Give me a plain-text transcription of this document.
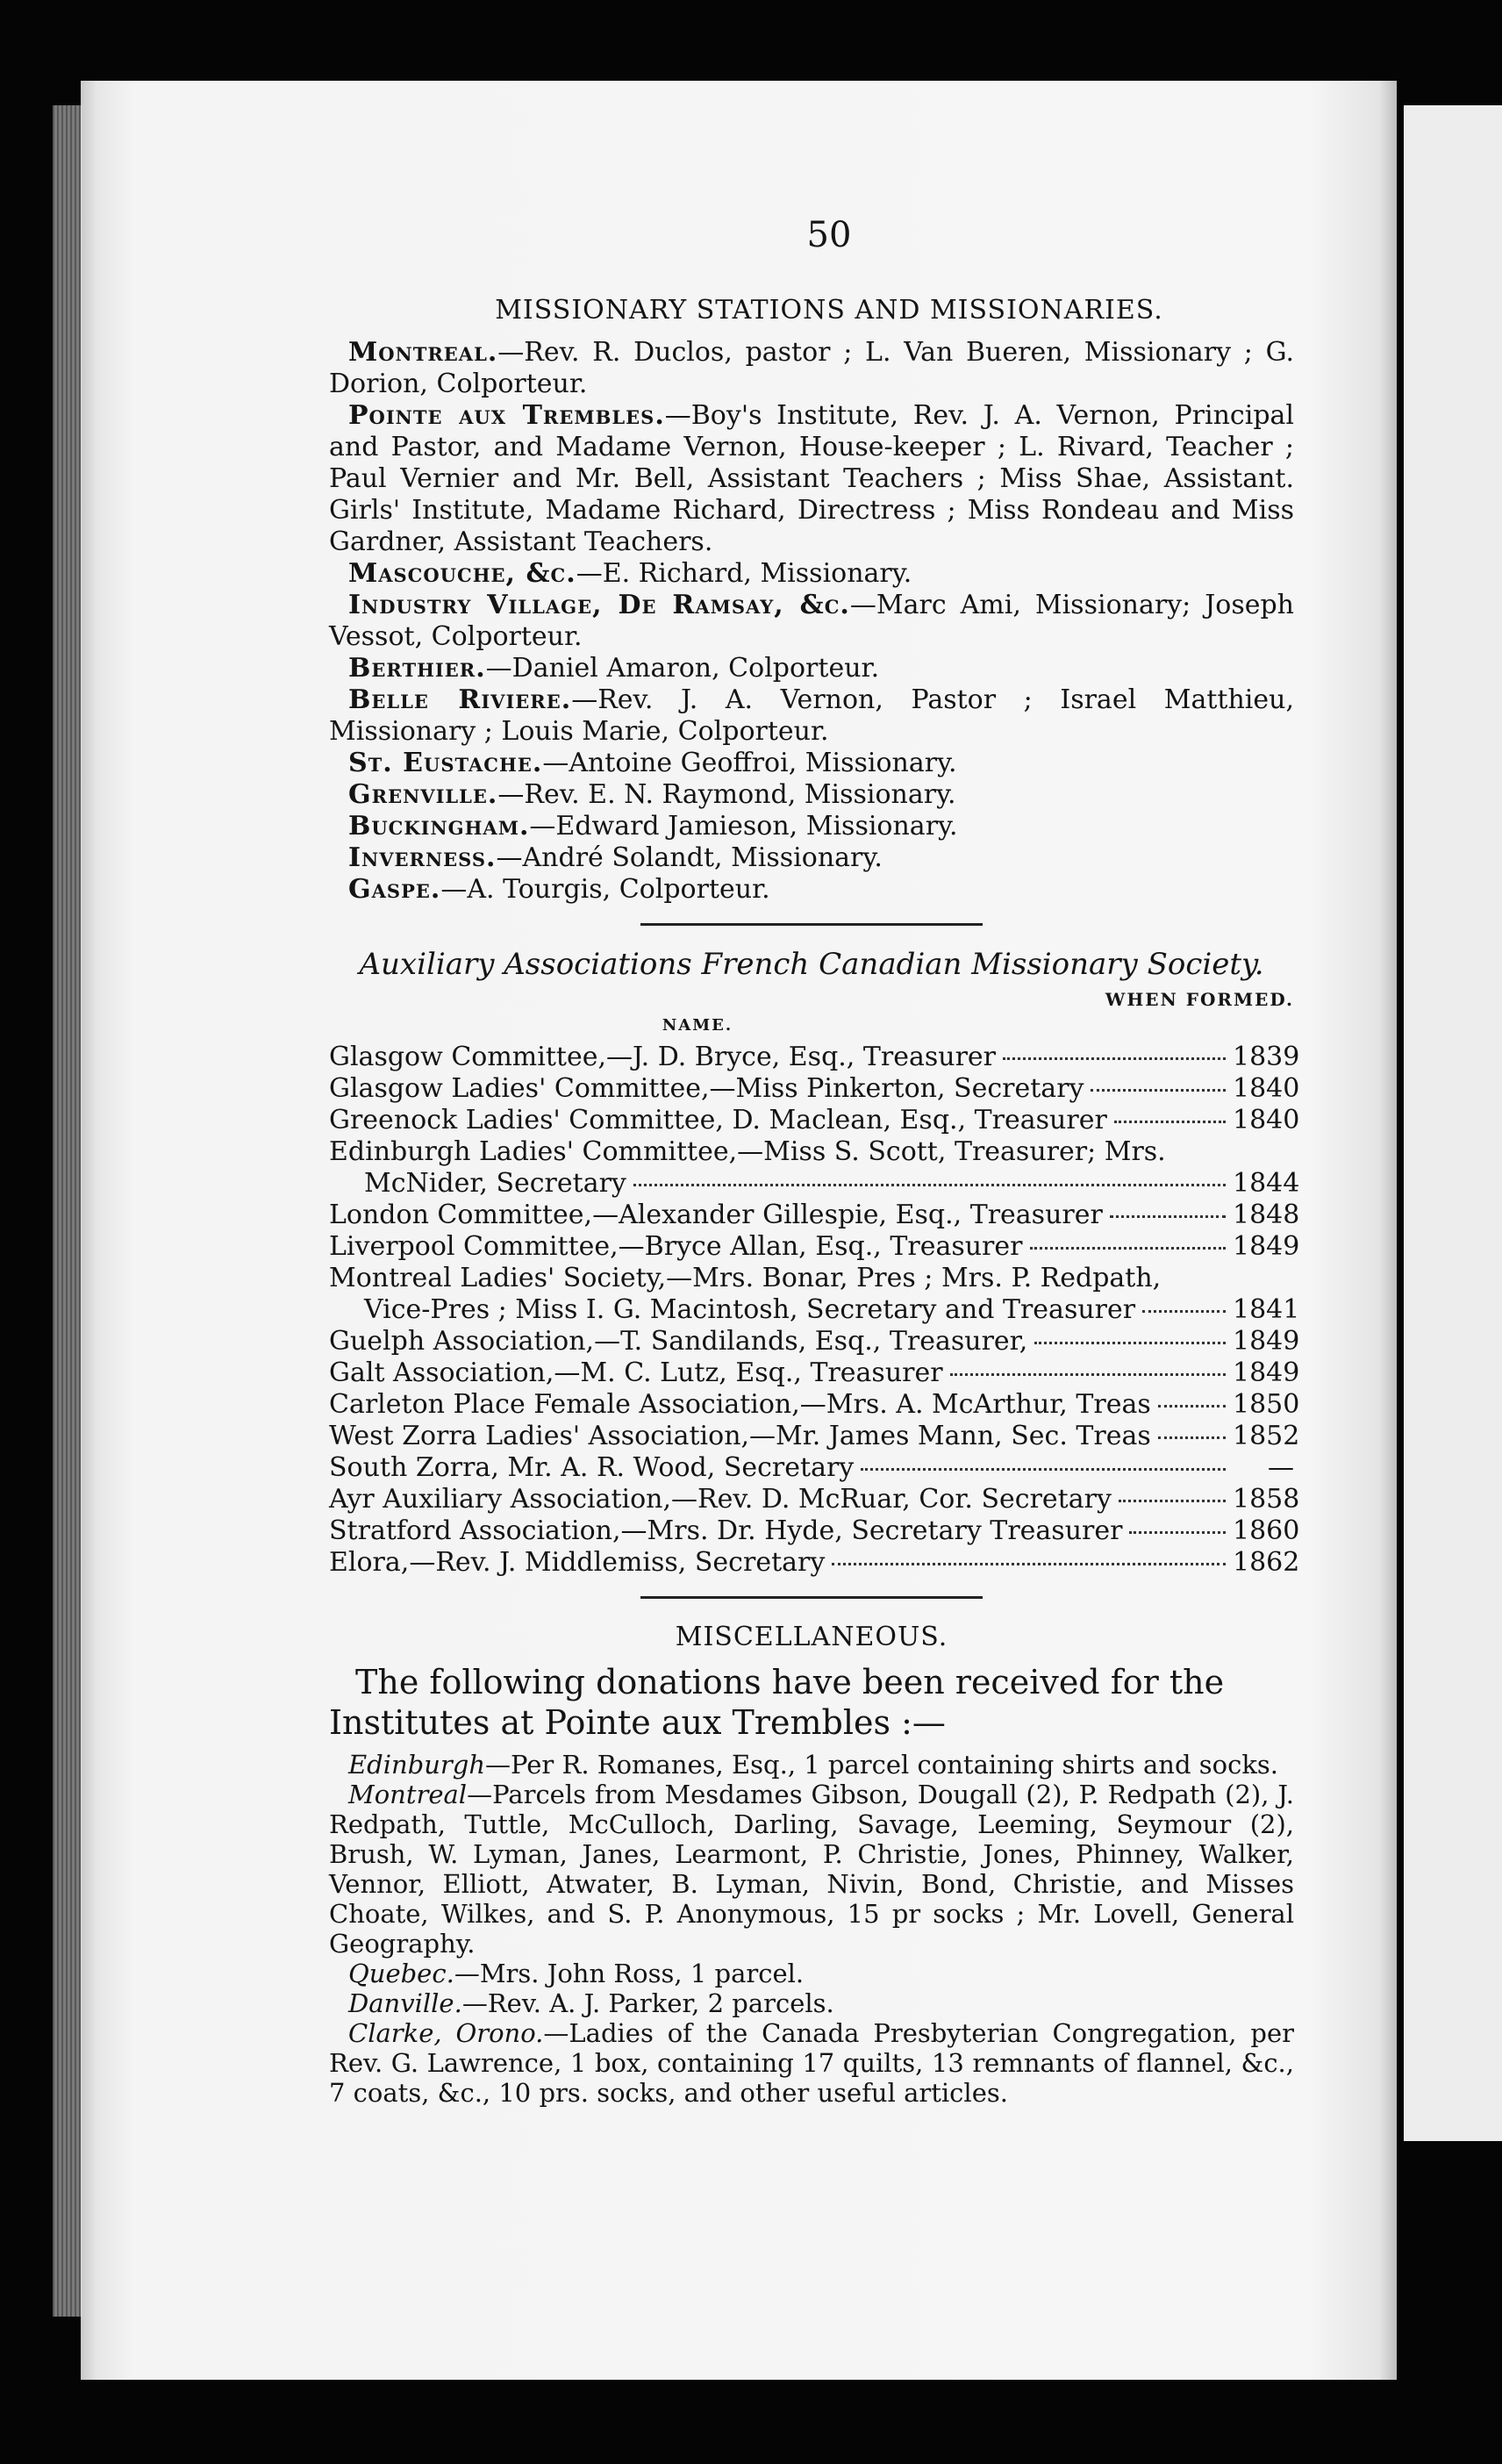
50
MISSIONARY STATIONS AND MISSIONARIES.

Montreal.—Rev. R. Duclos, pastor ; L. Van Bueren, Missionary ; G. Dorion, Colporteur.

Pointe aux Trembles.—Boy's Institute, Rev. J. A. Vernon, Principal and Pastor, and Madame Vernon, House-keeper ; L. Rivard, Teacher ; Paul Vernier and Mr. Bell, Assistant Teachers ; Miss Shae, Assistant. Girls' Institute, Madame Richard, Directress ; Miss Rondeau and Miss Gardner, Assistant Teachers.

Mascouche, &c.—E. Richard, Missionary.

Industry Village, De Ramsay, &c.—Marc Ami, Missionary; Joseph Vessot, Colporteur.

Berthier.—Daniel Amaron, Colporteur.

Belle Riviere.—Rev. J. A. Vernon, Pastor ; Israel Matthieu, Missionary ; Louis Marie, Colporteur.

St. Eustache.—Antoine Geoffroi, Missionary.

Grenville.—Rev. E. N. Raymond, Missionary.

Buckingham.—Edward Jamieson, Missionary.

Inverness.—André Solandt, Missionary.

Gaspe.—A. Tourgis, Colporteur.

Auxiliary Associations French Canadian Missionary Society.
WHEN FORMED.
NAME.
Glasgow Committee,—J. D. Bryce, Esq., Treasurer	1839
Glasgow Ladies' Committee,—Miss Pinkerton, Secretary	1840
Greenock Ladies' Committee, D. Maclean, Esq., Treasurer	1840
Edinburgh Ladies' Committee,—Miss S. Scott, Treasurer; Mrs.
McNider, Secretary	1844
London Committee,—Alexander Gillespie, Esq., Treasurer	1848
Liverpool Committee,—Bryce Allan, Esq., Treasurer	1849
Montreal Ladies' Society,—Mrs. Bonar, Pres ; Mrs. P. Redpath,
Vice-Pres ; Miss I. G. Macintosh, Secretary and Treasurer	1841
Guelph Association,—T. Sandilands, Esq., Treasurer,	1849
Galt Association,—M. C. Lutz, Esq., Treasurer	1849
Carleton Place Female Association,—Mrs. A. McArthur, Treas	1850
West Zorra Ladies' Association,—Mr. James Mann, Sec. Treas	1852
South Zorra, Mr. A. R. Wood, Secretary	—
Ayr Auxiliary Association,—Rev. D. McRuar, Cor. Secretary	1858
Stratford Association,—Mrs. Dr. Hyde, Secretary Treasurer	1860
Elora,—Rev. J. Middlemiss, Secretary	1862
MISCELLANEOUS.
The following donations have been received for the Institutes at Pointe aux Trembles :—

Edinburgh—Per R. Romanes, Esq., 1 parcel containing shirts and socks.

Montreal—Parcels from Mesdames Gibson, Dougall (2), P. Redpath (2), J. Redpath, Tuttle, McCulloch, Darling, Savage, Leeming, Seymour (2), Brush, W. Lyman, Janes, Learmont, P. Christie, Jones, Phinney, Walker, Vennor, Elliott, Atwater, B. Lyman, Nivin, Bond, Christie, and Misses Choate, Wilkes, and S. P. Anonymous, 15 pr socks ; Mr. Lovell, General Geography.

Quebec.—Mrs. John Ross, 1 parcel.

Danville.—Rev. A. J. Parker, 2 parcels.

Clarke, Orono.—Ladies of the Canada Presbyterian Congregation, per Rev. G. Lawrence, 1 box, containing 17 quilts, 13 remnants of flannel, &c., 7 coats, &c., 10 prs. socks, and other useful articles.
